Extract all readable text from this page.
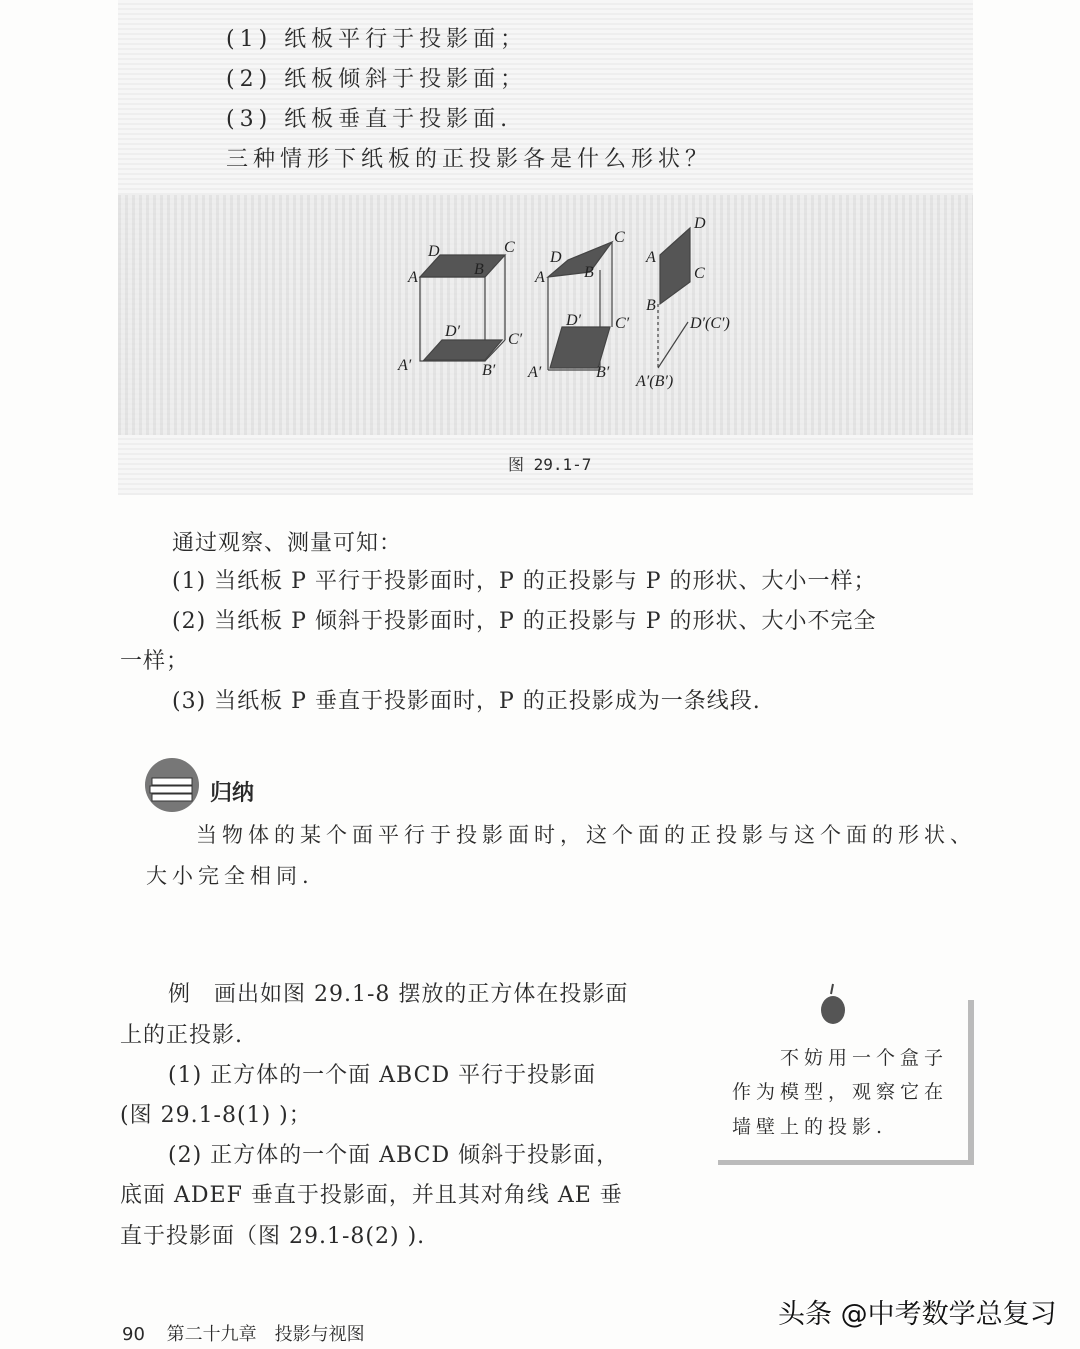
(1) 纸板平行于投影面；
(2) 纸板倾斜于投影面；
(3) 纸板垂直于投影面.
三种情形下纸板的正投影各是什么形状？
D	C
A	B
D′	C′
A′	B′
D
C
A B
D′ C′
A′	B′
D
A
C
B
D′(C′)
A′(B′)
图 29.1-7
通过观察、测量可知：
(1) 当纸板 P 平行于投影面时，P 的正投影与 P 的形状、大小一样；
(2) 当纸板 P 倾斜于投影面时，P 的正投影与 P 的形状、大小不完全
一样；
(3) 当纸板 P 垂直于投影面时，P 的正投影成为一条线段.
归纳
当物体的某个面平行于投影面时，这个面的正投影与这个面的形状、
大小完全相同.
例　画出如图 29.1-8 摆放的正方体在投影面
上的正投影.
(1) 正方体的一个面 ABCD 平行于投影面
(图 29.1-8(1) )；
(2) 正方体的一个面 ABCD 倾斜于投影面，
底面 ADEF 垂直于投影面，并且其对角线 AE 垂
直于投影面（图 29.1-8(2) ).
不妨用一个盒子
作为模型，观察它在
墙壁上的投影.
90 第二十九章　投影与视图
头条 @中考数学总复习
